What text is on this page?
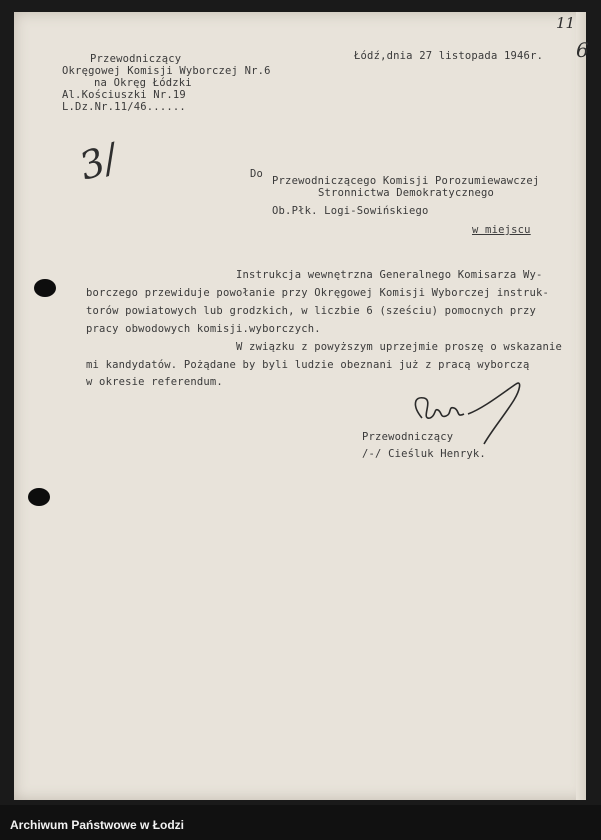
11
6
Przewodniczący
Okręgowej Komisji Wyborczej Nr.6
na Okręg Łódzki
Al.Kościuszki Nr.19
L.Dz.Nr.11/46......
Łódź,dnia 27 listopada 1946r.
3/	Do
Przewodniczącego Komisji Porozumiewawczej
Stronnictwa Demokratycznego
Ob.Płk. Logi-Sowińskiego
w miejscu
Instrukcja wewnętrzna Generalnego Komisarza Wy-
borczego przewiduje powołanie przy Okręgowej Komisji Wyborczej instruk-
torów powiatowych lub grodzkich, w liczbie 6 (sześciu) pomocnych przy
pracy obwodowych komisji.wyborczych.
W związku z powyższym uprzejmie proszę o wskazanie
mi kandydatów. Pożądane by byli ludzie obeznani już z pracą wyborczą
w okresie referendum.
Przewodniczący
/-/ Cieśluk Henryk.
Archiwum Państwowe w Łodzi
